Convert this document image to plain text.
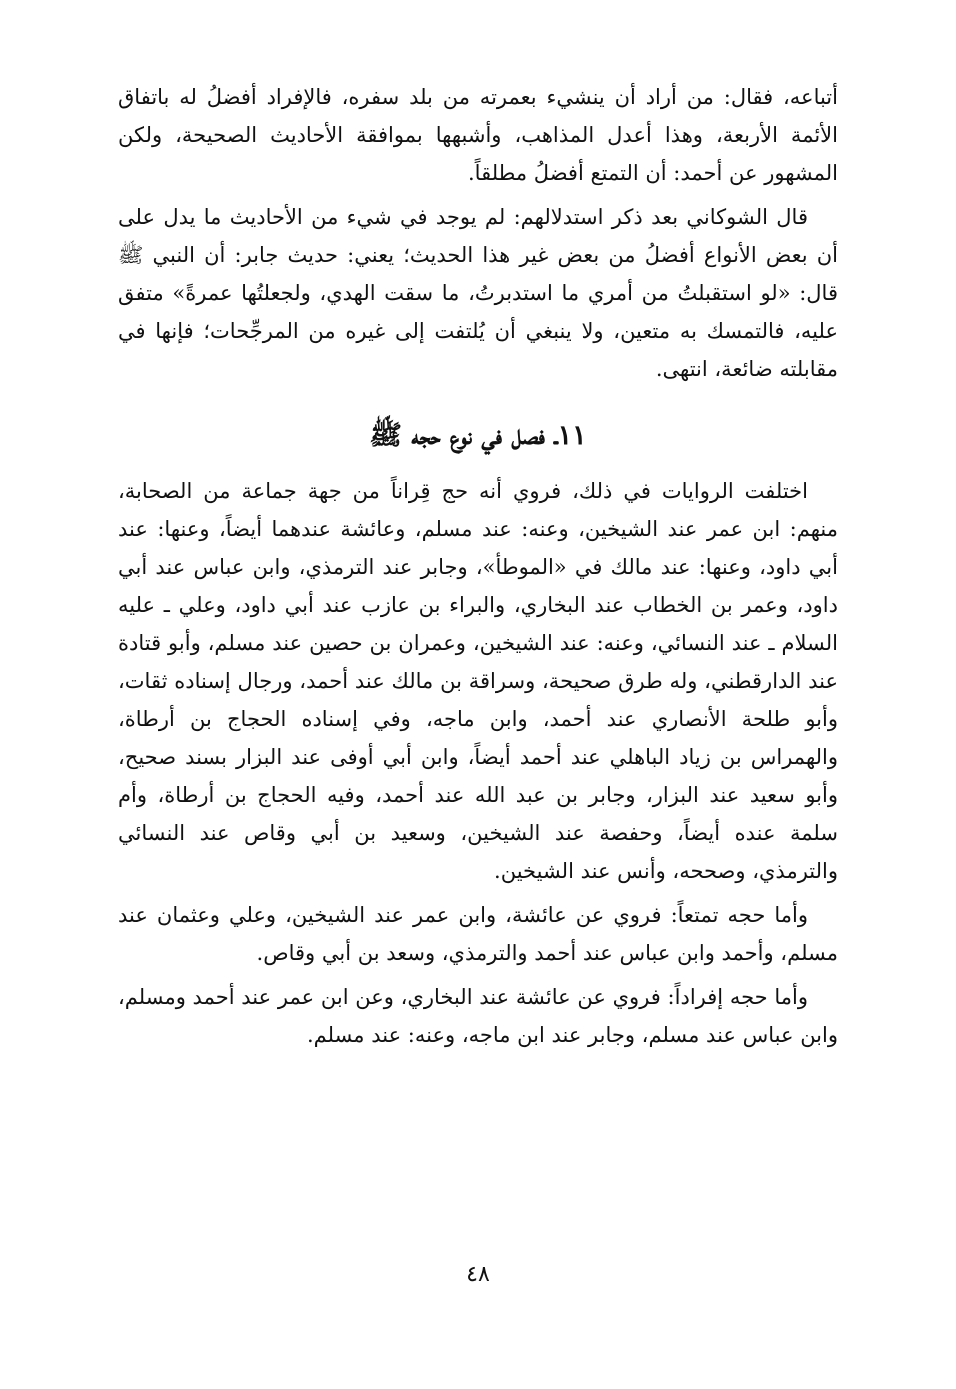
أتباعه، فقال: من أراد أن ينشيء بعمرته من بلد سفره، فالإفراد أفضلُ له باتفاق الأئمة الأربعة، وهذا أعدل المذاهب، وأشبهها بموافقة الأحاديث الصحيحة، ولكن المشهور عن أحمد: أن التمتع أفضلُ مطلقاً.

قال الشوكاني بعد ذكر استدلالهم: لم يوجد في شيء من الأحاديث ما يدل على أن بعض الأنواع أفضلُ من بعض غير هذا الحديث؛ يعني: حديث جابر: أن النبي ﷺ قال: «لو استقبلتُ من أمري ما استدبرتُ، ما سقت الهدي، ولجعلتُها عمرةً» متفق عليه، فالتمسك به متعين، ولا ينبغي أن يُلتفت إلى غيره من المرجِّحات؛ فإنها في مقابلته ضائعة، انتهى.

١١ـ فصل في نوع حجه ﷺ

اختلفت الروايات في ذلك، فروي أنه حج قِراناً من جهة جماعة من الصحابة، منهم: ابن عمر عند الشيخين، وعنه: عند مسلم، وعائشة عندهما أيضاً، وعنها: عند أبي داود، وعنها: عند مالك في «الموطأ»، وجابر عند الترمذي، وابن عباس عند أبي داود، وعمر بن الخطاب عند البخاري، والبراء بن عازب عند أبي داود، وعلي ـ عليه السلام ـ عند النسائي، وعنه: عند الشيخين، وعمران بن حصين عند مسلم، وأبو قتادة عند الدارقطني، وله طرق صحيحة، وسراقة بن مالك عند أحمد، ورجال إسناده ثقات، وأبو طلحة الأنصاري عند أحمد، وابن ماجه، وفي إسناده الحجاج بن أرطاة، والهمراس بن زياد الباهلي عند أحمد أيضاً، وابن أبي أوفى عند البزار بسند صحيح، وأبو سعيد عند البزار، وجابر بن عبد الله عند أحمد، وفيه الحجاج بن أرطاة، وأم سلمة عنده أيضاً، وحفصة عند الشيخين، وسعيد بن أبي وقاص عند النسائي والترمذي، وصححه، وأنس عند الشيخين.

وأما حجه تمتعاً: فروي عن عائشة، وابن عمر عند الشيخين، وعلي وعثمان عند مسلم، وأحمد وابن عباس عند أحمد والترمذي، وسعد بن أبي وقاص.

وأما حجه إفراداً: فروي عن عائشة عند البخاري، وعن ابن عمر عند أحمد ومسلم، وابن عباس عند مسلم، وجابر عند ابن ماجه، وعنه: عند مسلم.

٤٨
